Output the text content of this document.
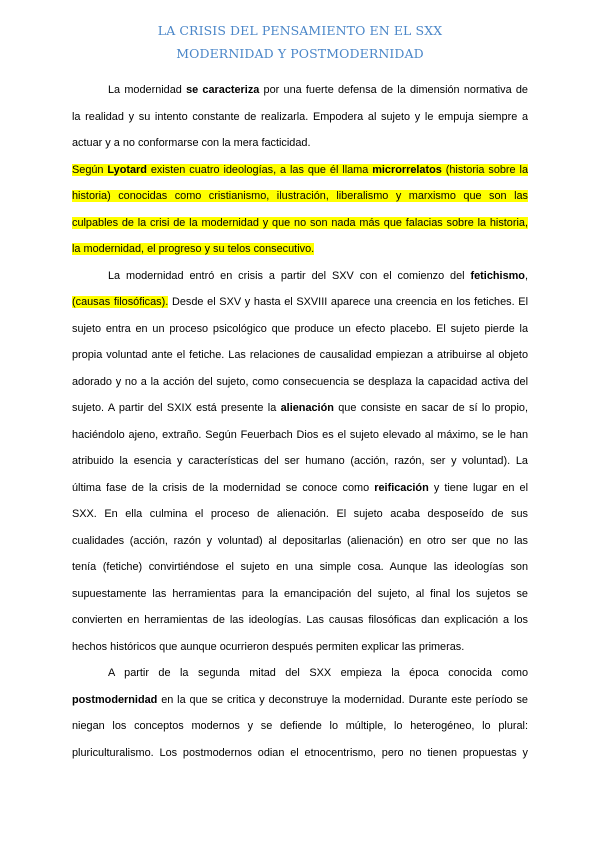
LA CRISIS DEL PENSAMIENTO EN EL SXX
MODERNIDAD Y POSTMODERNIDAD
La modernidad se caracteriza por una fuerte defensa de la dimensión normativa de
la realidad y su intento constante de realizarla. Empodera al sujeto y le empuja siempre a
actuar y a no conformarse con la mera facticidad.
Según Lyotard existen cuatro ideologías, a las que él llama microrrelatos (historia sobre la
historia) conocidas como cristianismo, ilustración, liberalismo y marxismo que son las
culpables de la crisi de la modernidad y que no son nada más que falacias sobre la historia,
la modernidad, el progreso y su telos consecutivo.
La modernidad entró en crisis a partir del SXV con el comienzo del fetichismo,
(causas filosóficas). Desde el SXV y hasta el SXVIII aparece una creencia en los fetiches. El
sujeto entra en un proceso psicológico que produce un efecto placebo. El sujeto pierde la
propia voluntad ante el fetiche. Las relaciones de causalidad empiezan a atribuirse al objeto
adorado y no a la acción del sujeto, como consecuencia se desplaza la capacidad activa del
sujeto. A partir del SXIX está presente la alienación que consiste en sacar de sí lo propio,
haciéndolo ajeno, extraño. Según Feuerbach Dios es el sujeto elevado al máximo, se le han
atribuido la esencia y características del ser humano (acción, razón, ser y voluntad). La
última fase de la crisis de la modernidad se conoce como reificación y tiene lugar en el
SXX. En ella culmina el proceso de alienación. El sujeto acaba desposeído de sus
cualidades (acción, razón y voluntad) al depositarlas (alienación) en otro ser que no las
tenía (fetiche) convirtiéndose el sujeto en una simple cosa. Aunque las ideologías son
supuestamente las herramientas para la emancipación del sujeto, al final los sujetos se
convierten en herramientas de las ideologías. Las causas filosóficas dan explicación a los
hechos históricos que aunque ocurrieron después permiten explicar las primeras.
A partir de la segunda mitad del SXX empieza la época conocida como
postmodernidad en la que se critica y deconstruye la modernidad. Durante este período se
niegan los conceptos modernos y se defiende lo múltiple, lo heterogéneo, lo plural:
pluriculturalismo. Los postmodernos odian el etnocentrismo, pero no tienen propuestas y
